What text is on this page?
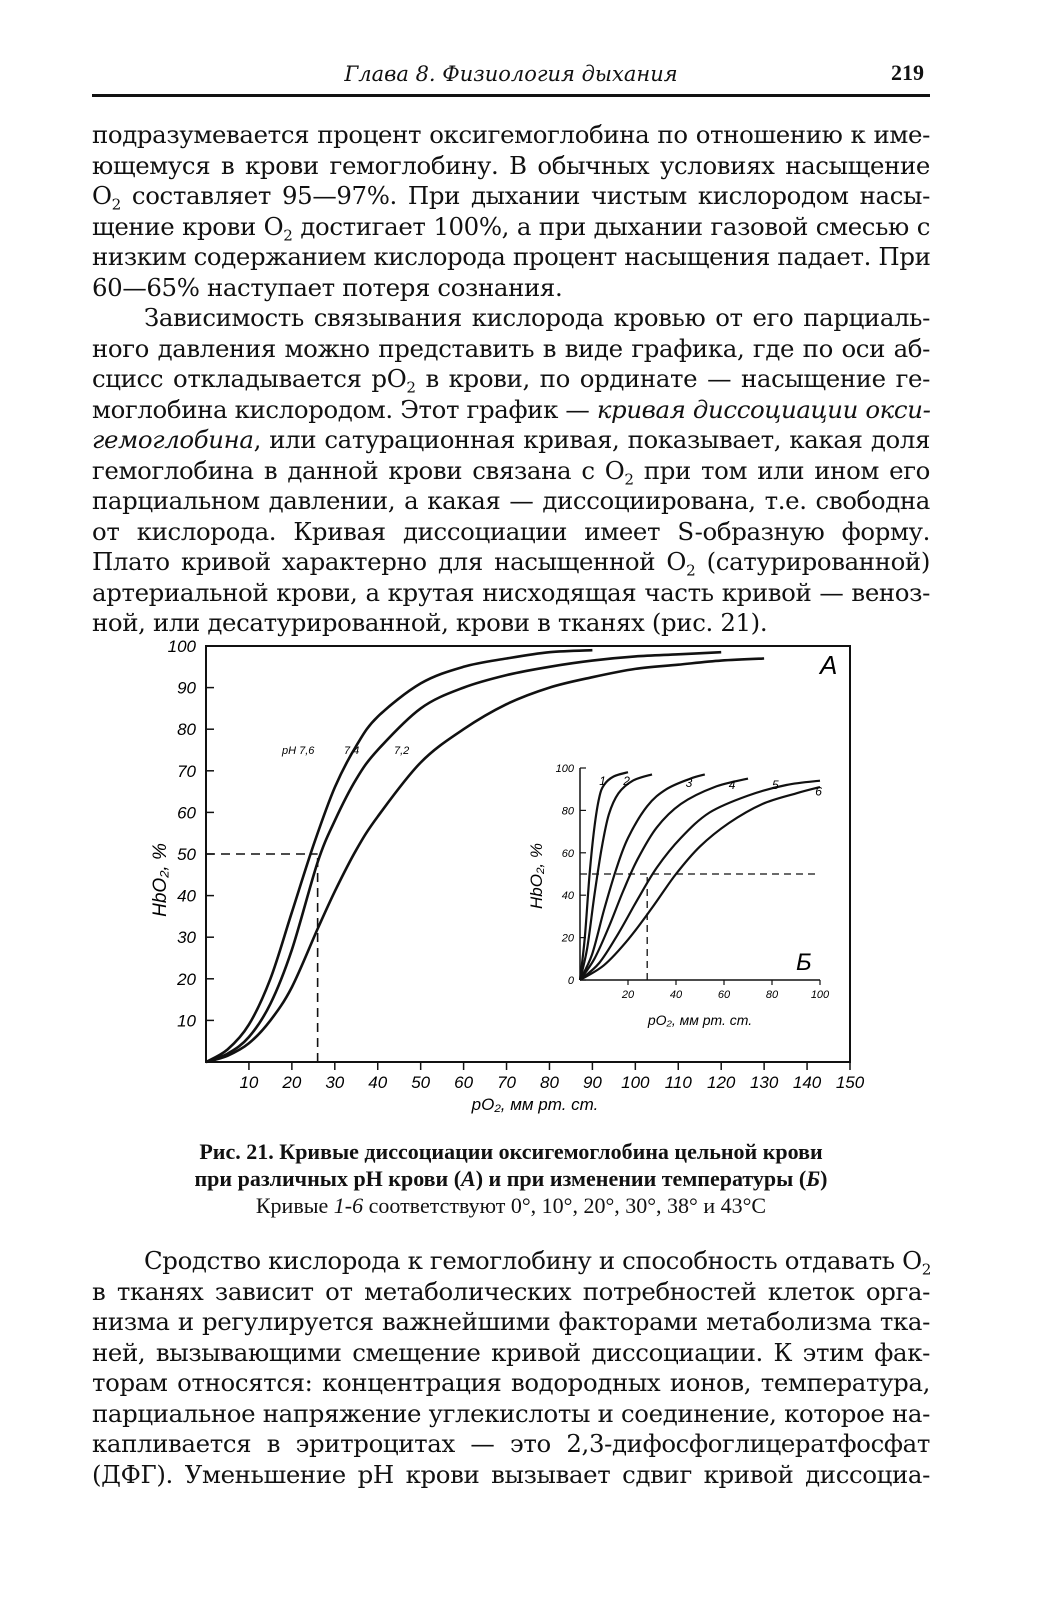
Глава 8. Физиология дыхания	219

подразумевается процент оксигемоглобина по отношению к име-
ющемуся в крови гемоглобину. В обычных условиях насыщение
$О_2$ составляет 95—97%. При дыхании чистым кислородом насы-
щение крови $О_2$ достигает 100%, а при дыхании газовой смесью с
низким содержанием кислорода процент насыщения падает. При
60—65% наступает потеря сознания.

Зависимость связывания кислорода кровью от его парциаль-
ного давления можно представить в виде графика, где по оси аб-
сцисс откладывается $pО_2$ в крови, по ординате — насыщение ге-
моглобина кислородом. Этот график — кривая диссоциации окси-
гемоглобина, или сатурационная кривая, показывает, какая доля
гемоглобина в данной крови связана с $О_2$ при том или ином его
парциальном давлении, а какая — диссоциирована, т.е. свободна
от кислорода. Кривая диссоциации имеет S-образную форму.
Плато кривой характерно для насыщенной $О_2$ (сатурированной)
артериальной крови, а крутая нисходящая часть кривой — веноз-
ной, или десатурированной, крови в тканях (рис. 21).

100
90
80
70
60
50
40
30
20
10
10 20 30 40 50 60 70 80 90 100 110 120 130 140 150
А
HbO₂, %
pO₂, мм рт. ст.
pH 7,6	7,4	7,2
100
80
60
40
20
0
20	40	60	80	100
1 2	3	4	5	6
Б
HbO₂, %
pO₂, мм рт. ст.
Рис. 21. Кривые диссоциации оксигемоглобина цельной крови
при различных pH крови (А) и при изменении температуры (Б)
Кривые 1-6 соответствуют 0°, 10°, 20°, 30°, 38° и 43°С

Сродство кислорода к гемоглобину и способность отдавать $О_2$
в тканях зависит от метаболических потребностей клеток орга-
низма и регулируется важнейшими факторами метаболизма тка-
ней, вызывающими смещение кривой диссоциации. К этим фак-
торам относятся: концентрация водородных ионов, температура,
парциальное напряжение углекислоты и соединение, которое на-
капливается в эритроцитах — это 2,3-дифосфоглицератфосфат
(ДФГ). Уменьшение pH крови вызывает сдвиг кривой диссоциа-
